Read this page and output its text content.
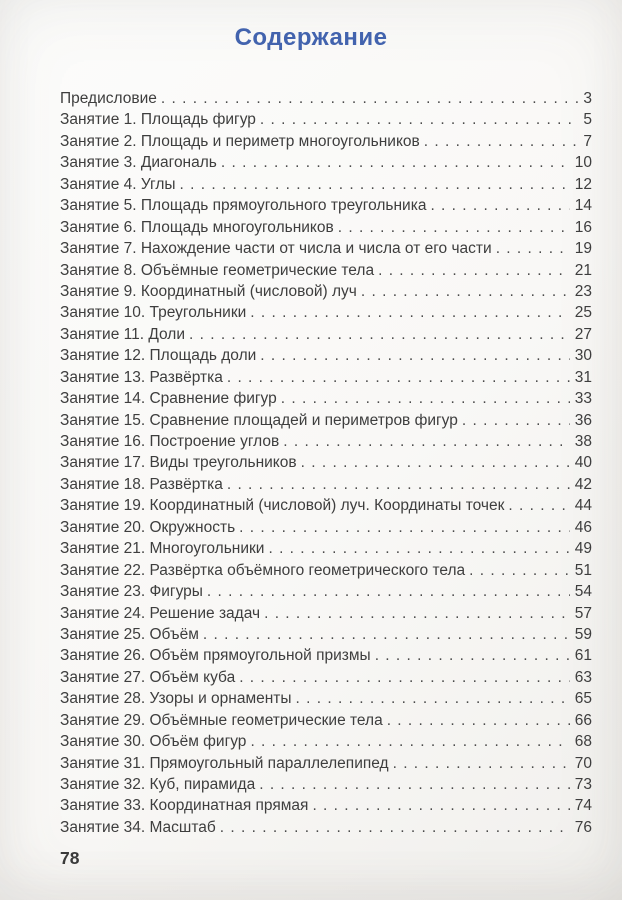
Содержание
Предисловие . . .	3
Занятие 1. Площадь фигур . . .	5
Занятие 2. Площадь и периметр многоугольников . . .	7
Занятие 3. Диагональ . . .	10
Занятие 4. Углы . . .	12
Занятие 5. Площадь прямоугольного треугольника . . .	14
Занятие 6. Площадь многоугольников . . .	16
Занятие 7. Нахождение части от числа и числа от его части . . .	19
Занятие 8. Объёмные геометрические тела . . .	21
Занятие 9. Координатный (числовой) луч . . .	23
Занятие 10. Треугольники . . .	25
Занятие 11. Доли . . .	27
Занятие 12. Площадь доли . . .	30
Занятие 13. Развёртка . . .	31
Занятие 14. Сравнение фигур . . .	33
Занятие 15. Сравнение площадей и периметров фигур . . .	36
Занятие 16. Построение углов . . .	38
Занятие 17. Виды треугольников . . .	40
Занятие 18. Развёртка . . .	42
Занятие 19. Координатный (числовой) луч. Координаты точек . . .	44
Занятие 20. Окружность . . .	46
Занятие 21. Многоугольники . . .	49
Занятие 22. Развёртка объёмного геометрического тела . . .	51
Занятие 23. Фигуры . . .	54
Занятие 24. Решение задач . . .	57
Занятие 25. Объём . . .	59
Занятие 26. Объём прямоугольной призмы . . .	61
Занятие 27. Объём куба . . .	63
Занятие 28. Узоры и орнаменты . . .	65
Занятие 29. Объёмные геометрические тела . . .	66
Занятие 30. Объём фигур . . .	68
Занятие 31. Прямоугольный параллелепипед . . .	70
Занятие 32. Куб, пирамида . . .	73
Занятие 33. Координатная прямая . . .	74
Занятие 34. Масштаб . . .	76
78
